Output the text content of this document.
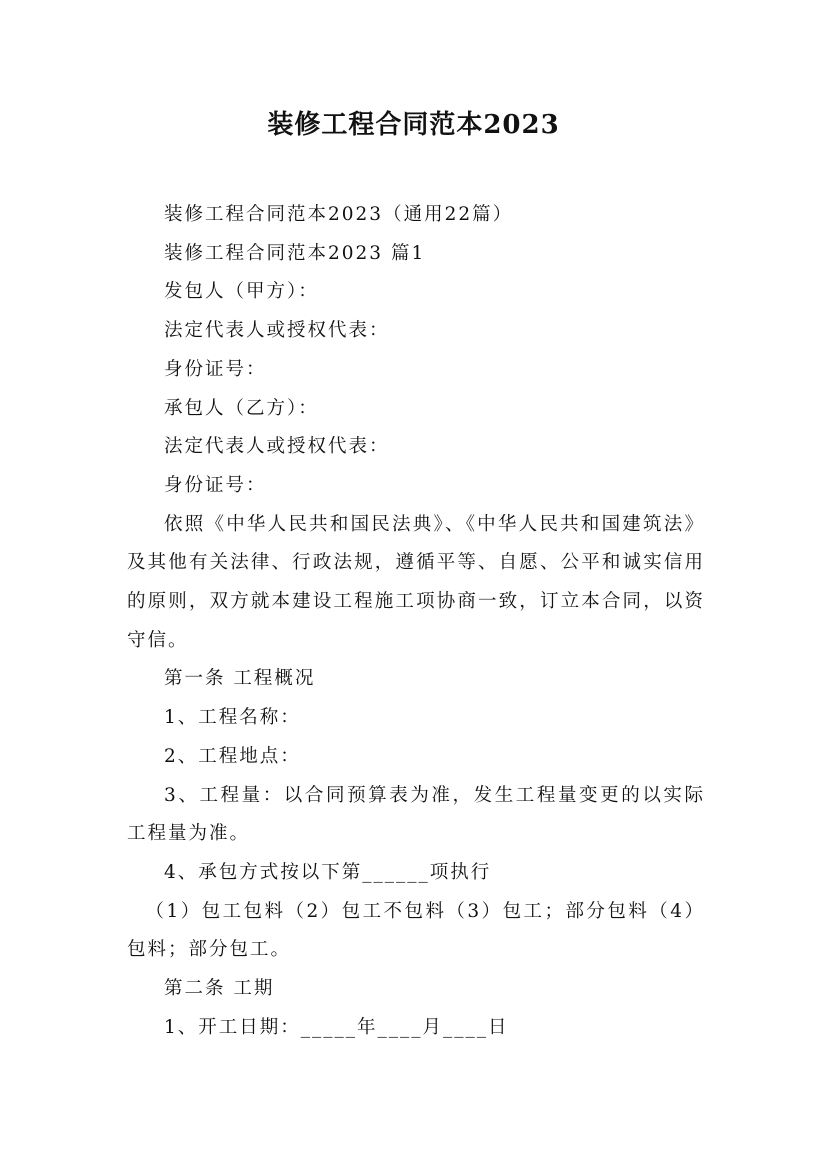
装修工程合同范本2023

装修工程合同范本2023（通用22篇）

装修工程合同范本2023 篇1

发包人（甲方）：

法定代表人或授权代表：

身份证号：

承包人（乙方）：

法定代表人或授权代表：

身份证号：

依照《中华人民共和国民法典》、《中华人民共和国建筑法》及其他有关法律、行政法规，遵循平等、自愿、公平和诚实信用的原则，双方就本建设工程施工项协商一致，订立本合同，以资守信。

第一条 工程概况

1、工程名称：

2、工程地点：

3、工程量：以合同预算表为准，发生工程量变更的以实际工程量为准。

4、承包方式按以下第______项执行

（1）包工包料（2）包工不包料（3）包工；部分包料（4）包料；部分包工。

第二条 工期

1、开工日期：_____年____月____日
